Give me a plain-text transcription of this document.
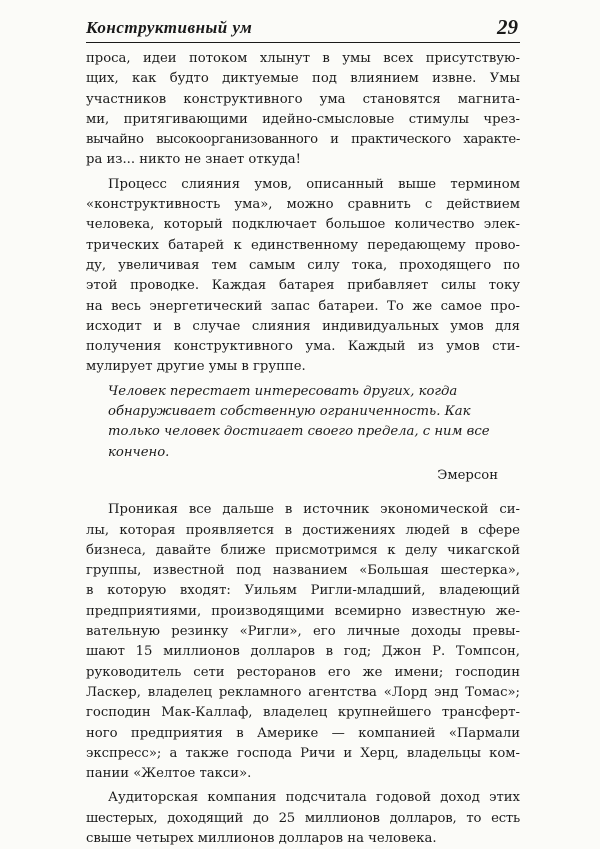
Конструктивный ум	29
проса, идеи потоком хлынут в умы всех присутствую-
щих, как будто диктуемые под влиянием извне. Умы
участников конструктивного ума становятся магнита-
ми, притягивающими идейно-смысловые стимулы чрез-
вычайно высокоорганизованного и практического характе-
ра из... никто не знает откуда!
Процесс слияния умов, описанный выше термином
«конструктивность ума», можно сравнить с действием
человека, который подключает большое количество элек-
трических батарей к единственному передающему прово-
ду, увеличивая тем самым силу тока, проходящего по
этой проводке. Каждая батарея прибавляет силы току
на весь энергетический запас батареи. То же самое про-
исходит и в случае слияния индивидуальных умов для
получения конструктивного ума. Каждый из умов сти-
мулирует другие умы в группе.
Человек перестает интересовать других, когда
обнаруживает собственную ограниченность. Как
только человек достигает своего предела, с ним все
кончено.
Эмерсон
Проникая все дальше в источник экономической си-
лы, которая проявляется в достижениях людей в сфере
бизнеса, давайте ближе присмотримся к делу чикагской
группы, известной под названием «Большая шестерка»,
в которую входят: Уильям Ригли-младший, владеющий
предприятиями, производящими всемирно известную же-
вательную резинку «Ригли», его личные доходы превы-
шают 15 миллионов долларов в год; Джон Р. Томпсон,
руководитель сети ресторанов его же имени; господин
Ласкер, владелец рекламного агентства «Лорд энд Томас»;
господин Мак-Каллаф, владелец крупнейшего трансферт-
ного предприятия в Америке — компанией «Пармали
экспресс»; а также господа Ричи и Херц, владельцы ком-
пании «Желтое такси».
Аудиторская компания подсчитала годовой доход этих
шестерых, доходящий до 25 миллионов долларов, то есть
свыше четырех миллионов долларов на человека.
